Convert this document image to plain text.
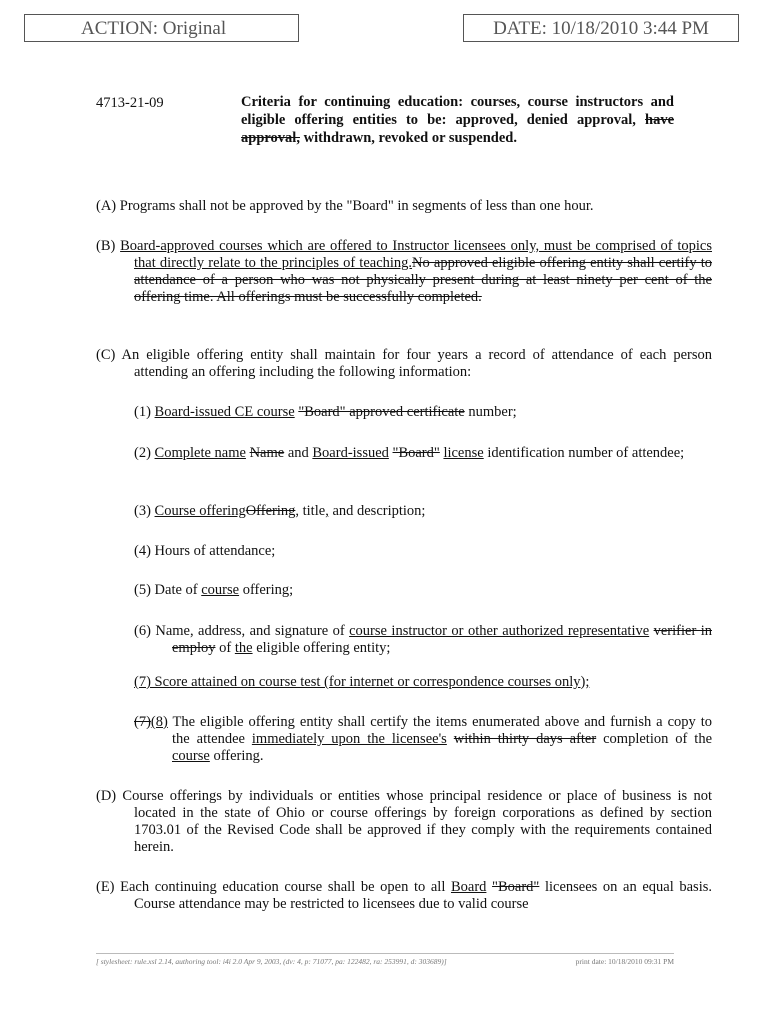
ACTION: Original	DATE: 10/18/2010 3:44 PM
4713-21-09	Criteria for continuing education: courses, course instructors and eligible offering entities to be: approved, denied approval, have approval, withdrawn, revoked or suspended.
(A) Programs shall not be approved by the "Board" in segments of less than one hour.
(B) Board-approved courses which are offered to Instructor licensees only, must be comprised of topics that directly relate to the principles of teaching.No approved eligible offering entity shall certify to attendance of a person who was not physically present during at least ninety per cent of the offering time. All offerings must be successfully completed.
(C) An eligible offering entity shall maintain for four years a record of attendance of each person attending an offering including the following information:
(1) Board-issued CE course "Board" approved certificate number;
(2) Complete name Name and Board-issued "Board" license identification number of attendee;
(3) Course offeringOffering, title, and description;
(4) Hours of attendance;
(5) Date of course offering;
(6) Name, address, and signature of course instructor or other authorized representative verifier in employ of the eligible offering entity;
(7) Score attained on course test (for internet or correspondence courses only);
(7)(8) The eligible offering entity shall certify the items enumerated above and furnish a copy to the attendee immediately upon the licensee's within thirty days after completion of the course offering.
(D) Course offerings by individuals or entities whose principal residence or place of business is not located in the state of Ohio or course offerings by foreign corporations as defined by section 1703.01 of the Revised Code shall be approved if they comply with the requirements contained herein.
(E) Each continuing education course shall be open to all Board "Board" licensees on an equal basis. Course attendance may be restricted to licensees due to valid course
[ stylesheet: rule.xsl 2.14, authoring tool: i4i 2.0 Apr 9, 2003, (dv: 4, p: 71077, pa: 122482, ra: 253991, d: 303689)]	print date: 10/18/2010 09:31 PM
